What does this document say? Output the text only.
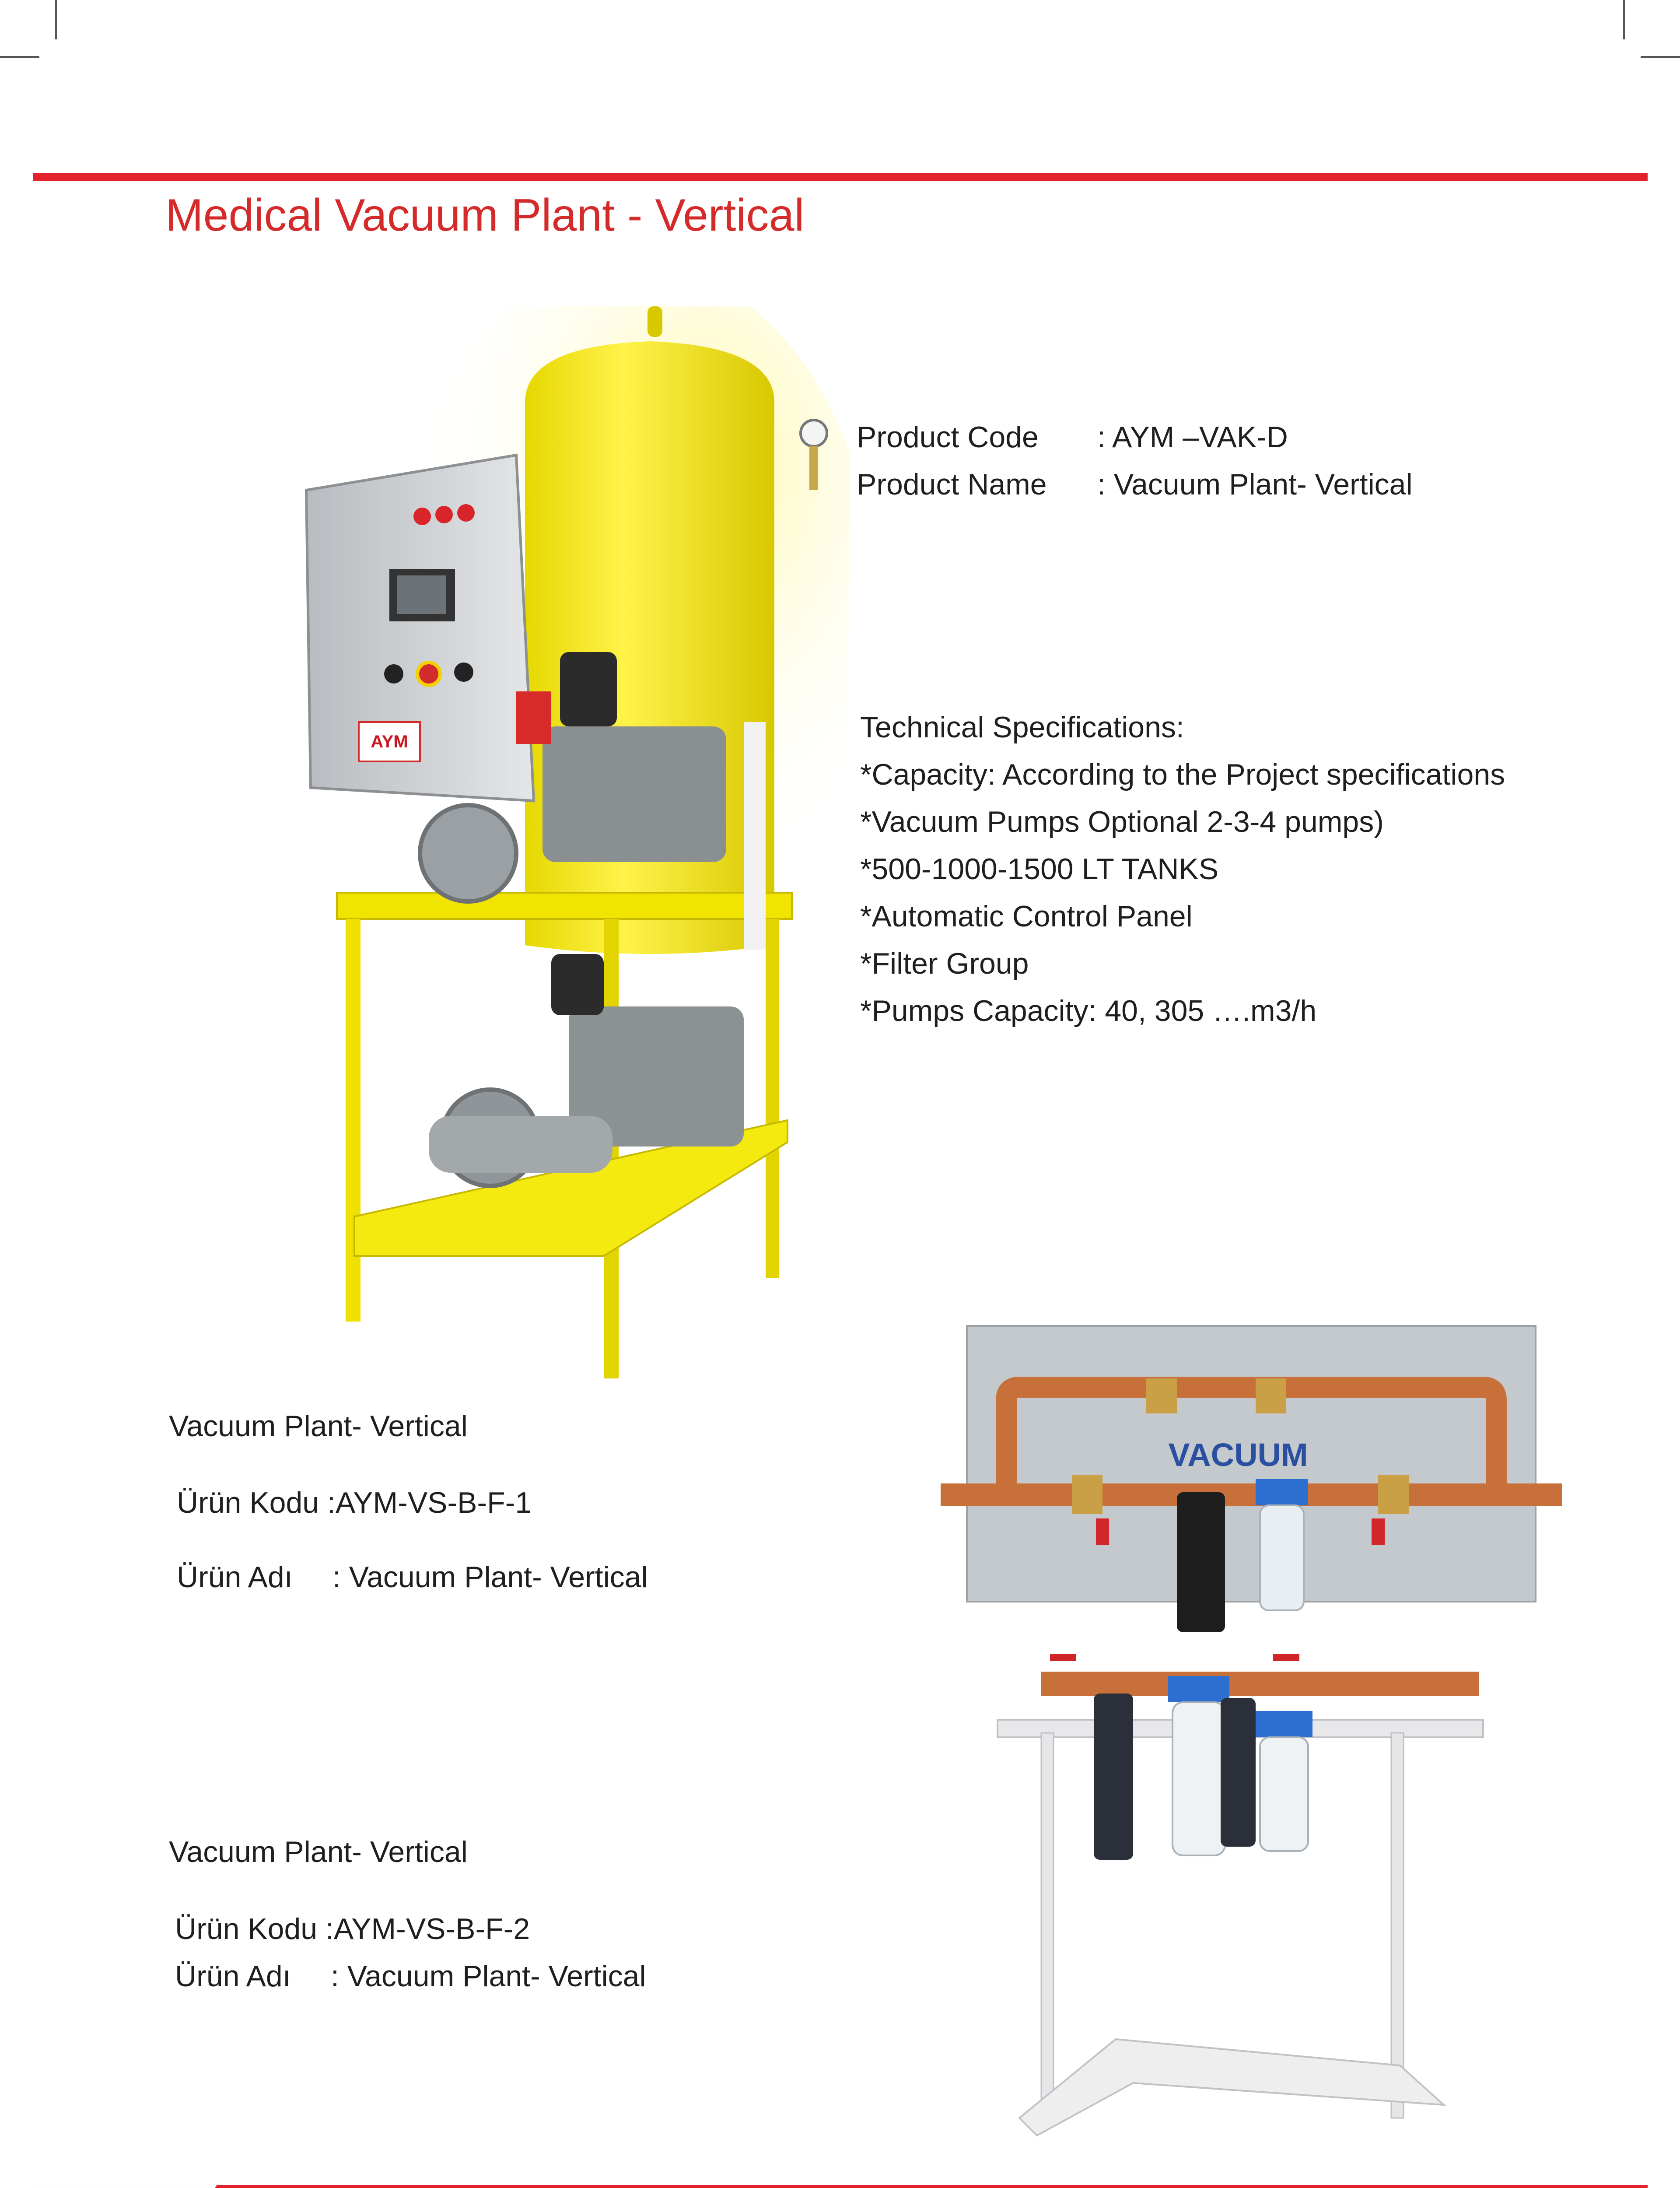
Medical Vacuum Plant - Vertical
AYM
Product Code : AYM –VAK-D
Product Name : Vacuum Plant- Vertical
Technical Specifications:
*Capacity: According to the Project specifications
*Vacuum Pumps Optional 2-3-4 pumps)
*500-1000-1500 LT TANKS
*Automatic Control Panel
*Filter Group
*Pumps Capacity: 40, 305 ….m3/h
Vacuum Plant- Vertical
Ürün Kodu :AYM-VS-B-F-1
Ürün Adı : Vacuum Plant- Vertical
VACUUM
Vacuum Plant- Vertical
Ürün Kodu :AYM-VS-B-F-2
Ürün Adı : Vacuum Plant- Vertical
